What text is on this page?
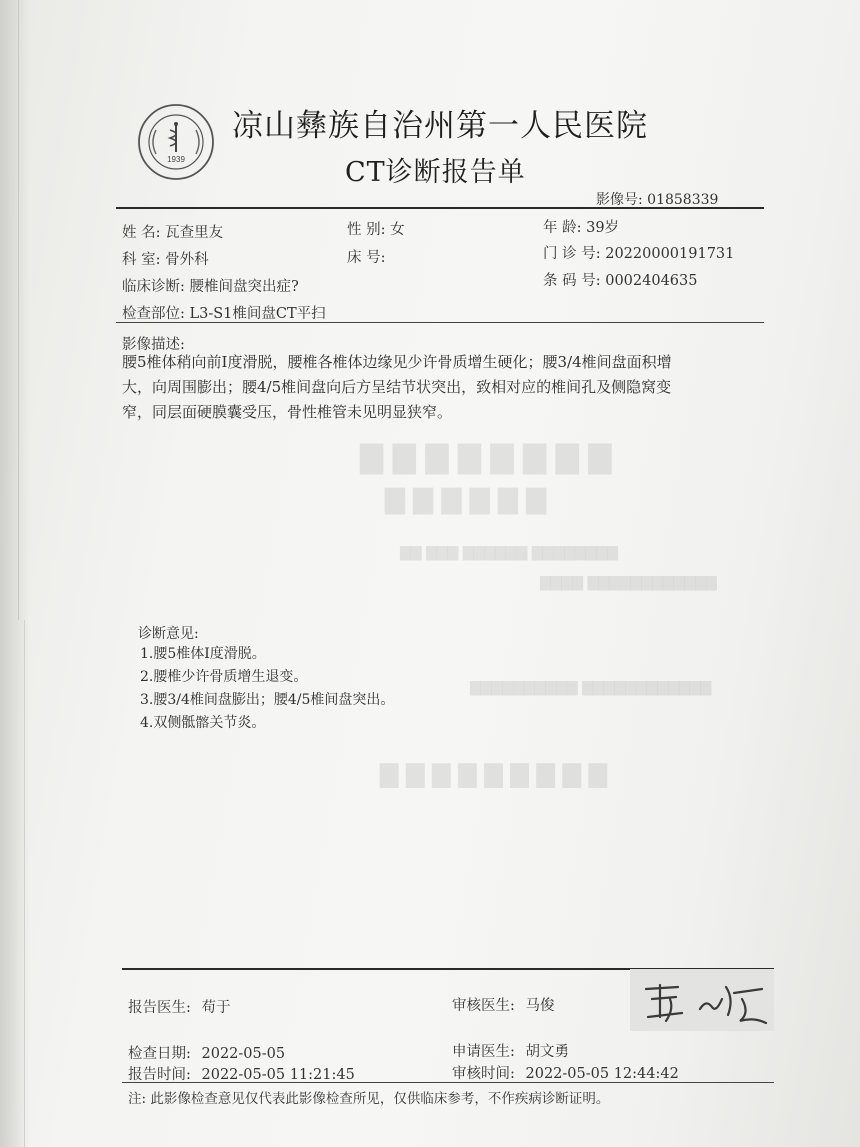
1939
凉山彝族自治州第一人民医院
CT诊断报告单
影像号: 01858339
姓 名: 瓦查里友	性 别: 女	年 龄: 39岁
科 室: 骨外科	床 号:	门 诊 号: 20220000191731
临床诊断: 腰椎间盘突出症?	条 码 号: 0002404635
检查部位: L3-S1椎间盘CT平扫
影像描述:
腰5椎体稍向前I度滑脱，腰椎各椎体边缘见少许骨质增生硬化；腰3/4椎间盘面积增
大，向周围膨出；腰4/5椎间盘向后方呈结节状突出，致相对应的椎间孔及侧隐窝变
窄，同层面硬膜囊受压，骨性椎管未见明显狭窄。
诊断意见:
1.腰5椎体I度滑脱。
2.腰椎少许骨质增生退变。
3.腰3/4椎间盘膨出；腰4/5椎间盘突出。
4.双侧骶髂关节炎。
报告医生: 苟于	审核医生: 马俊
检查日期: 2022-05-05	申请医生: 胡文勇
报告时间: 2022-05-05 11:21:45	审核时间: 2022-05-05 12:44:42
注: 此影像检查意见仅代表此影像检查所见，仅供临床参考，不作疾病诊断证明。
